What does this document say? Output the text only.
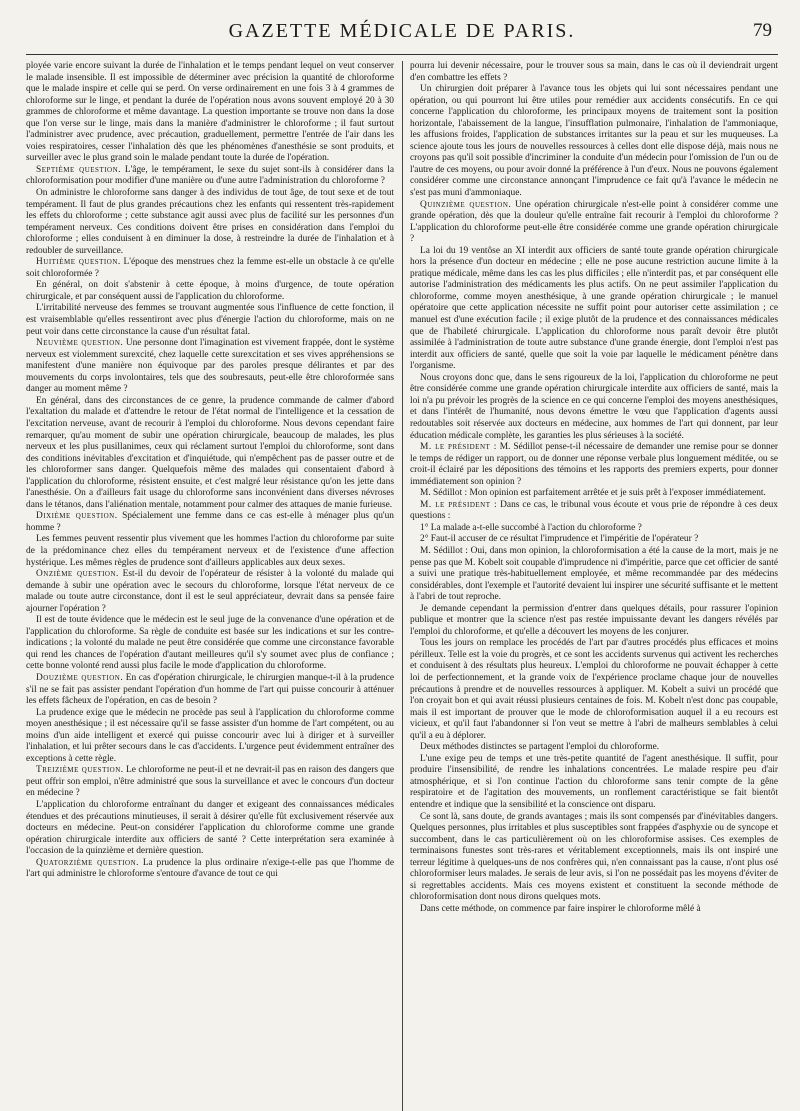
GAZETTE MÉDICALE DE PARIS.	79

ployée varie encore suivant la durée de l'inhalation et le temps pendant lequel on veut conserver le malade insensible. Il est impossible de déterminer avec précision la quantité de chloroforme que le malade inspire et celle qui se perd. On verse ordinairement en une fois 3 à 4 grammes de chloroforme sur le linge, et pendant la durée de l'opération nous avons souvent employé 20 à 30 grammes de chloroforme et même davantage. La question importante se trouve non dans la dose que l'on verse sur le linge, mais dans la manière d'administrer le chloroforme ; il faut surtout l'administrer avec prudence, avec précaution, graduellement, permettre l'entrée de l'air dans les voies respiratoires, cesser l'inhalation dès que les phénomènes d'anesthésie se sont produits, et surveiller avec le plus grand soin le malade pendant toute la durée de l'opération.

Septième question. L'âge, le tempérament, le sexe du sujet sont-ils à considérer dans la chloroformisation pour modifier d'une manière ou d'une autre l'administration du chloroforme ?

On administre le chloroforme sans danger à des individus de tout âge, de tout sexe et de tout tempérament. Il faut de plus grandes précautions chez les enfants qui ressentent très-rapidement les effets du chloroforme ; cette substance agit aussi avec plus de facilité sur les personnes d'un tempérament nerveux. Ces conditions doivent être prises en considération dans l'emploi du chloroforme ; elles conduisent à en diminuer la dose, à restreindre la durée de l'inhalation et à redoubler de surveillance.

Huitième question. L'époque des menstrues chez la femme est-elle un obstacle à ce qu'elle soit chloroformée ?

En général, on doit s'abstenir à cette époque, à moins d'urgence, de toute opération chirurgicale, et par conséquent aussi de l'application du chloroforme.

L'irritabilité nerveuse des femmes se trouvant augmentée sous l'influence de cette fonction, il est vraisemblable qu'elles ressentiront avec plus d'énergie l'action du chloroforme, mais on ne peut voir dans cette circonstance la cause d'un résultat fatal.

Neuvième question. Une personne dont l'imagination est vivement frappée, dont le système nerveux est violemment surexcité, chez laquelle cette surexcitation et ses vives appréhensions se manifestent d'une manière non équivoque par des paroles presque délirantes et par des mouvements du corps involontaires, tels que des soubresauts, peut-elle être chloroformée sans danger au moment même ?

En général, dans des circonstances de ce genre, la prudence commande de calmer d'abord l'exaltation du malade et d'attendre le retour de l'état normal de l'intelligence et la cessation de l'excitation nerveuse, avant de recourir à l'emploi du chloroforme. Nous devons cependant faire remarquer, qu'au moment de subir une opération chirurgicale, beaucoup de malades, les plus nerveux et les plus pusillanimes, ceux qui réclament surtout l'emploi du chloroforme, sont dans des conditions inévitables d'excitation et d'inquiétude, qui n'empêchent pas de passer outre et de les chloroformer sans danger. Quelquefois même des malades qui consentaient d'abord à l'application du chloroforme, résistent ensuite, et c'est malgré leur résistance qu'on les jette dans l'anesthésie. On a d'ailleurs fait usage du chloroforme sans inconvénient dans diverses névroses dans le tétanos, dans l'aliénation mentale, notamment pour calmer des attaques de manie furieuse.

Dixième question. Spécialement une femme dans ce cas est-elle à ménager plus qu'un homme ?

Les femmes peuvent ressentir plus vivement que les hommes l'action du chloroforme par suite de la prédominance chez elles du tempérament nerveux et de l'existence d'une affection hystérique. Les mêmes règles de prudence sont d'ailleurs applicables aux deux sexes.

Onzième question. Est-il du devoir de l'opérateur de résister à la volonté du malade qui demande à subir une opération avec le secours du chloroforme, lorsque l'état nerveux de ce malade ou toute autre circonstance, dont il est le seul appréciateur, devrait dans sa pensée faire ajourner l'opération ?

Il est de toute évidence que le médecin est le seul juge de la convenance d'une opération et de l'application du chloroforme. Sa règle de conduite est basée sur les indications et sur les contre-indications ; la volonté du malade ne peut être considérée que comme une circonstance favorable qui rend les chances de l'opération d'autant meilleures qu'il s'y soumet avec plus de confiance ; cette bonne volonté rend aussi plus facile le mode d'application du chloroforme.

Douzième question. En cas d'opération chirurgicale, le chirurgien manque-t-il à la prudence s'il ne se fait pas assister pendant l'opération d'un homme de l'art qui puisse concourir à atténuer les effets fâcheux de l'opération, en cas de besoin ?

La prudence exige que le médecin ne procède pas seul à l'application du chloroforme comme moyen anesthésique ; il est nécessaire qu'il se fasse assister d'un homme de l'art compétent, ou au moins d'un aide intelligent et exercé qui puisse concourir avec lui à diriger et à surveiller l'inhalation, et lui prêter secours dans le cas d'accidents. L'urgence peut évidemment entraîner des exceptions à cette règle.

Treizième question. Le chloroforme ne peut-il et ne devrait-il pas en raison des dangers que peut offrir son emploi, n'être administré que sous la surveillance et avec le concours d'un docteur en médecine ?

L'application du chloroforme entraînant du danger et exigeant des connaissances médicales étendues et des précautions minutieuses, il serait à désirer qu'elle fût exclusivement réservée aux docteurs en médecine. Peut-on considérer l'application du chloroforme comme une grande opération chirurgicale interdite aux officiers de santé ? Cette interprétation sera examinée à l'occasion de la quinzième et dernière question.

Quatorzième question. La prudence la plus ordinaire n'exige-t-elle pas que l'homme de l'art qui administre le chloroforme s'entoure d'avance de tout ce qui

pourra lui devenir nécessaire, pour le trouver sous sa main, dans le cas où il deviendrait urgent d'en combattre les effets ?

Un chirurgien doit préparer à l'avance tous les objets qui lui sont nécessaires pendant une opération, ou qui pourront lui être utiles pour remédier aux accidents consécutifs. En ce qui concerne l'application du chloroforme, les principaux moyens de traitement sont la position horizontale, l'abaissement de la langue, l'insufflation pulmonaire, l'inhalation de l'ammoniaque, les affusions froides, l'application de substances irritantes sur la peau et sur les muqueuses. La science ajoute tous les jours de nouvelles ressources à celles dont elle dispose déjà, mais nous ne croyons pas qu'il soit possible d'incriminer la conduite d'un médecin pour l'omission de l'un ou de l'autre de ces moyens, ou pour avoir donné la préférence à l'un d'eux. Nous ne pouvons également considérer comme une circonstance annonçant l'imprudence ce fait qu'à l'avance le médecin ne s'est pas muni d'ammoniaque.

Quinzième question. Une opération chirurgicale n'est-elle point à considérer comme une grande opération, dès que la douleur qu'elle entraîne fait recourir à l'emploi du chloroforme ? L'application du chloroforme peut-elle être considérée comme une grande opération chirurgicale ?

La loi du 19 ventôse an XI interdit aux officiers de santé toute grande opération chirurgicale hors la présence d'un docteur en médecine ; elle ne pose aucune restriction aucune limite à la pratique médicale, même dans les cas les plus difficiles ; elle n'interdit pas, et par conséquent elle autorise l'administration des médicaments les plus actifs. On ne peut assimiler l'application du chloroforme, comme moyen anesthésique, à une grande opération chirurgicale ; le manuel opératoire que cette application nécessite ne suffit point pour autoriser cette assimilation ; ce manuel est d'une exécution facile ; il exige plutôt de la prudence et des connaissances médicales que de l'habileté chirurgicale. L'application du chloroforme nous paraît devoir être plutôt assimilée à l'administration de toute autre substance d'une grande énergie, dont l'emploi n'est pas interdit aux officiers de santé, quelle que soit la voie par laquelle le médicament pénètre dans l'organisme.

Nous croyons donc que, dans le sens rigoureux de la loi, l'application du chloroforme ne peut être considérée comme une grande opération chirurgicale interdite aux officiers de santé, mais la loi n'a pu prévoir les progrès de la science en ce qui concerne l'emploi des moyens anesthésiques, et dans l'intérêt de l'humanité, nous devons émettre le vœu que l'application d'agents aussi redoutables soit réservée aux docteurs en médecine, aux hommes de l'art qui donnent, par leur éducation médicale complète, les garanties les plus sérieuses à la société.

M. le président : M. Sédillot pense-t-il nécessaire de demander une remise pour se donner le temps de rédiger un rapport, ou de donner une réponse verbale plus longuement méditée, ou se croit-il éclairé par les dépositions des témoins et les rapports des premiers experts, pour donner immédiatement son opinion ?

M. Sédillot : Mon opinion est parfaitement arrêtée et je suis prêt à l'exposer immédiatement.

M. le président : Dans ce cas, le tribunal vous écoute et vous prie de répondre à ces deux questions :

1° La malade a-t-elle succombé à l'action du chloroforme ?

2° Faut-il accuser de ce résultat l'imprudence et l'impéritie de l'opérateur ?

M. Sédillot : Oui, dans mon opinion, la chloroformisation a été la cause de la mort, mais je ne pense pas que M. Kobelt soit coupable d'imprudence ni d'impéritie, parce que cet officier de santé a suivi une pratique très-habituellement employée, et même recommandée par des médecins considérables, dont l'exemple et l'autorité devaient lui inspirer une sécurité suffisante et le mettent à l'abri de tout reproche.

Je demande cependant la permission d'entrer dans quelques détails, pour rassurer l'opinion publique et montrer que la science n'est pas restée impuissante devant les dangers révélés par l'emploi du chloroforme, et qu'elle a découvert les moyens de les conjurer.

Tous les jours on remplace les procédés de l'art par d'autres procédés plus efficaces et moins périlleux. Telle est la voie du progrès, et ce sont les accidents survenus qui activent les recherches et conduisent à des résultats plus heureux. L'emploi du chloroforme ne pouvait échapper à cette loi de perfectionnement, et la grande voix de l'expérience proclame chaque jour de nouvelles précautions à prendre et de nouvelles ressources à appliquer. M. Kobelt a suivi un procédé que l'on croyait bon et qui avait réussi plusieurs centaines de fois. M. Kobelt n'est donc pas coupable, mais il est important de prouver que le mode de chloroformisation auquel il a eu recours est vicieux, et qu'il faut l'abandonner si l'on veut se mettre à l'abri de malheurs semblables à celui qu'il a eu à déplorer.

Deux méthodes distinctes se partagent l'emploi du chloroforme.

L'une exige peu de temps et une très-petite quantité de l'agent anesthésique. Il suffit, pour produire l'insensibilité, de rendre les inhalations concentrées. Le malade respire peu d'air atmosphérique, et si l'on continue l'action du chloroforme sans tenir compte de la gêne respiratoire et de l'agitation des mouvements, un ronflement caractéristique se fait bientôt entendre et indique que la sensibilité et la conscience ont disparu.

Ce sont là, sans doute, de grands avantages ; mais ils sont compensés par d'inévitables dangers. Quelques personnes, plus irritables et plus susceptibles sont frappées d'asphyxie ou de syncope et succombent, dans le cas particulièrement où on les chloroformise assises. Ces exemples de terminaisons funestes sont très-rares et véritablement exceptionnels, mais ils ont inspiré une terreur légitime à quelques-uns de nos confrères qui, n'en connaissant pas la cause, n'ont plus osé chloroformiser leurs malades. Je serais de leur avis, si l'on ne possédait pas les moyens d'éviter de si regrettables accidents. Mais ces moyens existent et constituent la seconde méthode de chloroformisation dont nous dirons quelques mots.

Dans cette méthode, on commence par faire inspirer le chloroforme mêlé à
